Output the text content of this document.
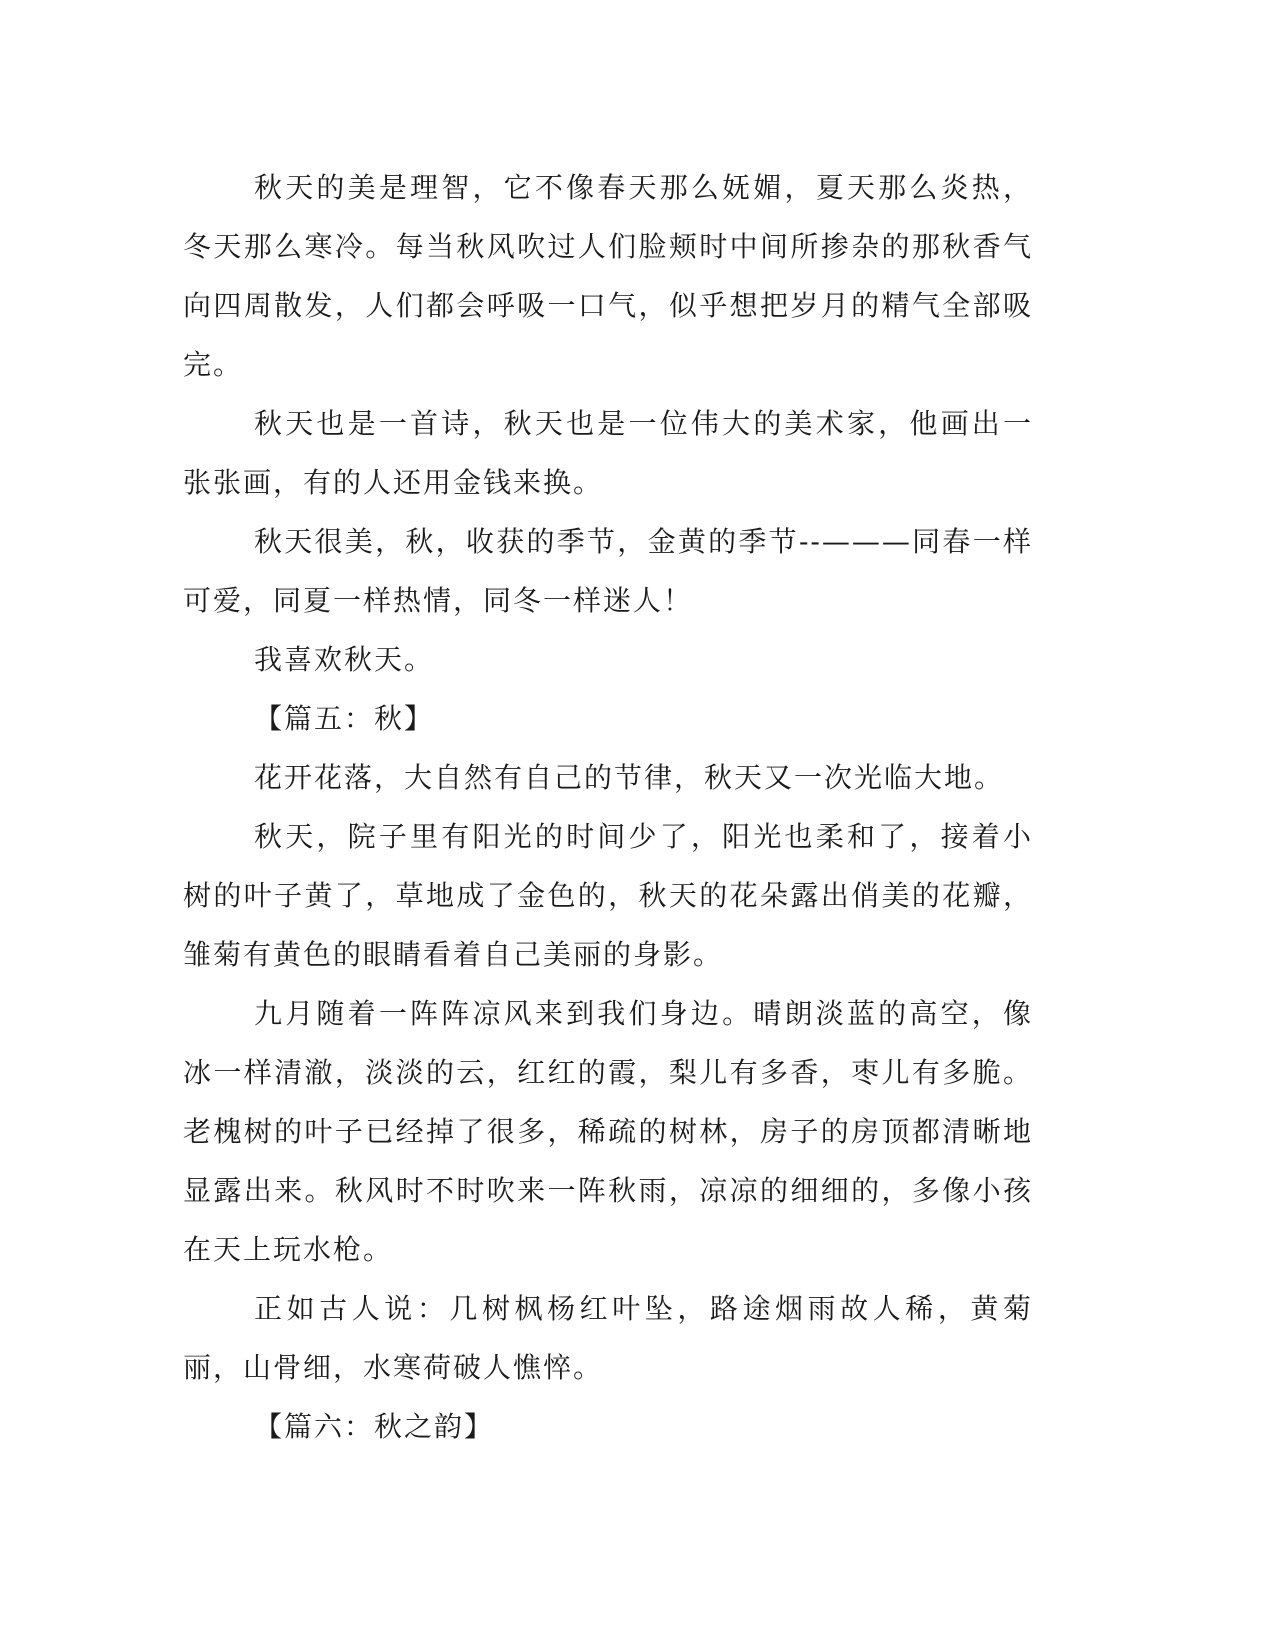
秋天的美是理智，它不像春天那么妩媚，夏天那么炎热，冬天那么寒冷。每当秋风吹过人们脸颊时中间所掺杂的那秋香气向四周散发，人们都会呼吸一口气，似乎想把岁月的精气全部吸完。

秋天也是一首诗，秋天也是一位伟大的美术家，他画出一张张画，有的人还用金钱来换。

秋天很美，秋，收获的季节，金黄的季节--———同春一样可爱，同夏一样热情，同冬一样迷人！

我喜欢秋天。

【篇五：秋】

花开花落，大自然有自己的节律，秋天又一次光临大地。

秋天，院子里有阳光的时间少了，阳光也柔和了，接着小树的叶子黄了，草地成了金色的，秋天的花朵露出俏美的花瓣，雏菊有黄色的眼睛看着自己美丽的身影。

九月随着一阵阵凉风来到我们身边。晴朗淡蓝的高空，像冰一样清澈，淡淡的云，红红的霞，梨儿有多香，枣儿有多脆。老槐树的叶子已经掉了很多，稀疏的树林，房子的房顶都清晰地显露出来。秋风时不时吹来一阵秋雨，凉凉的细细的，多像小孩在天上玩水枪。

正如古人说：几树枫杨红叶坠，路途烟雨故人稀，黄菊丽，山骨细，水寒荷破人憔悴。

【篇六：秋之韵】
